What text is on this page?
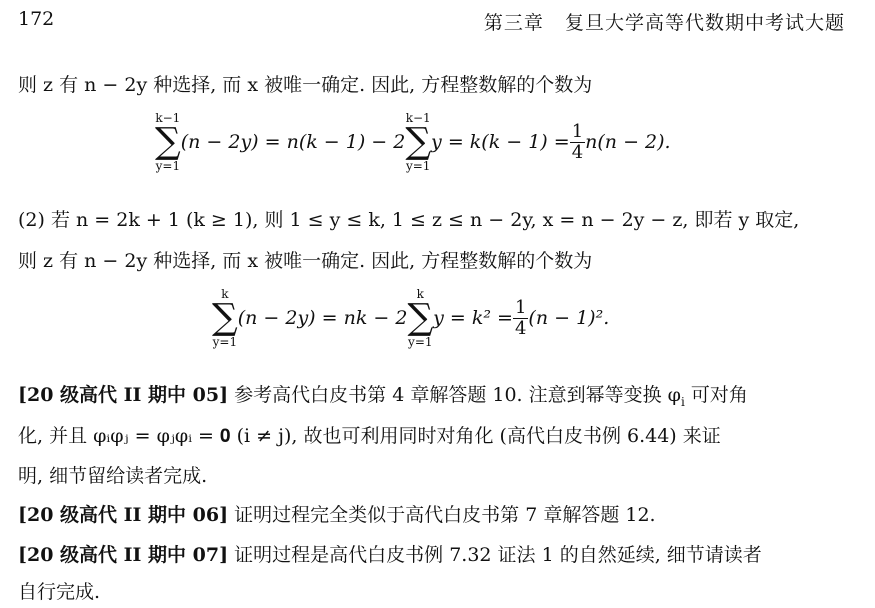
172	第三章   复旦大学高等代数期中考试大题
则 z 有 n − 2y 种选择, 而 x 被唯一确定. 因此, 方程整数解的个数为
k−1
∑
y=1
(n − 2y) = n(k − 1) − 2
k−1
∑
y=1
$y = k(k - 1) = \frac{1}{4} n(n - 2)$.
(2) 若 n = 2k + 1 (k ≥ 1), 则 1 ≤ y ≤ k, 1 ≤ z ≤ n − 2y, x = n − 2y − z, 即若 y 取定,
则 z 有 n − 2y 种选择, 而 x 被唯一确定. 因此, 方程整数解的个数为
k
∑
y=1
(n − 2y) = nk − 2
k
∑
y=1
$y = k^2 = \frac{1}{4} (n - 1)^2$.
[20 级高代 II 期中 05] 参考高代白皮书第 4 章解答题 10. 注意到幂等变换 $\varphi_i$ 可对角
化, 并且 φᵢφⱼ = φⱼφᵢ = 𝟎 (i ≠ j), 故也可利用同时对角化 (高代白皮书例 6.44) 来证
明, 细节留给读者完成.
[20 级高代 II 期中 06] 证明过程完全类似于高代白皮书第 7 章解答题 12.
[20 级高代 II 期中 07] 证明过程是高代白皮书例 7.32 证法 1 的自然延续, 细节请读者
自行完成.
